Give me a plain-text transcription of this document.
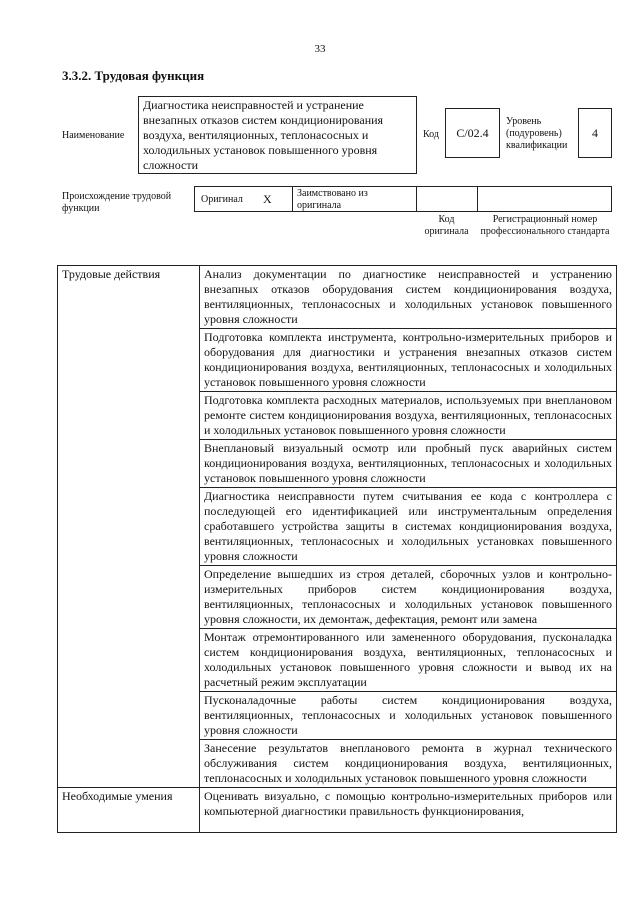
33
3.3.2. Трудовая функция
Наименование
Диагностика неисправностей и устранение внезапных отказов систем кондиционирования воздуха, вентиляционных, теплонасосных и холодильных установок повышенного уровня сложности
Код C/02.4
Уровень (подуровень) квалификации
4
Происхождение трудовой функции
Оригинал X	Заимствовано из оригинала
Код оригинала
Регистрационный номер профессионального стандарта
Трудовые действия	Анализ документации по диагностике неисправностей и устранению внезапных отказов оборудования систем кондиционирования воздуха, вентиляционных, теплонасосных и холодильных установок повышенного уровня сложности
	Подготовка комплекта инструмента, контрольно-измерительных приборов и оборудования для диагностики и устранения внезапных отказов систем кондиционирования воздуха, вентиляционных, теплонасосных и холодильных установок повышенного уровня сложности
	Подготовка комплекта расходных материалов, используемых при внеплановом ремонте систем кондиционирования воздуха, вентиляционных, теплонасосных и холодильных установок повышенного уровня сложности
	Внеплановый визуальный осмотр или пробный пуск аварийных систем кондиционирования воздуха, вентиляционных, теплонасосных и холодильных установок повышенного уровня сложности
	Диагностика неисправности путем считывания ее кода с контроллера с последующей его идентификацией или инструментальным определения сработавшего устройства защиты в системах кондиционирования воздуха, вентиляционных, теплонасосных и холодильных установках повышенного уровня сложности
	Определение вышедших из строя деталей, сборочных узлов и контрольно-измерительных приборов систем кондиционирования воздуха, вентиляционных, теплонасосных и холодильных установок повышенного уровня сложности, их демонтаж, дефектация, ремонт или замена
	Монтаж отремонтированного или замененного оборудования, пусконаладка систем кондиционирования воздуха, вентиляционных, теплонасосных и холодильных установок повышенного уровня сложности и вывод их на расчетный режим эксплуатации
	Пусконаладочные работы систем кондиционирования воздуха, вентиляционных, теплонасосных и холодильных установок повышенного уровня сложности
	Занесение результатов внепланового ремонта в журнал технического обслуживания систем кондиционирования воздуха, вентиляционных, теплонасосных и холодильных установок повышенного уровня сложности
Необходимые умения	Оценивать визуально, с помощью контрольно-измерительных приборов или компьютерной диагностики правильность функционирования,
